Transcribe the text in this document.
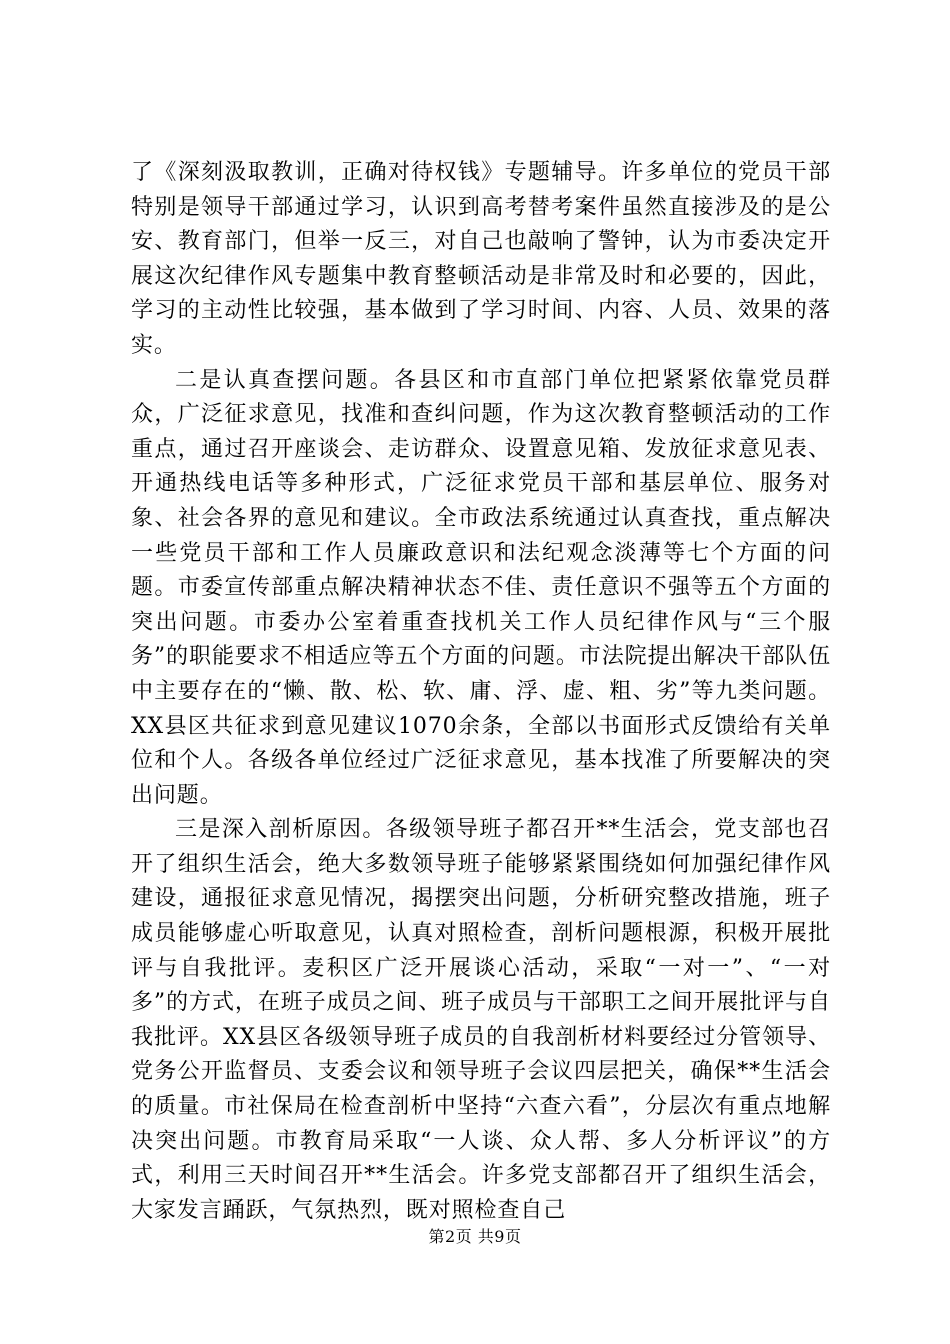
了《深刻汲取教训，正确对待权钱》专题辅导。许多单位的党员干部特别是领导干部通过学习，认识到高考替考案件虽然直接涉及的是公安、教育部门，但举一反三，对自己也敲响了警钟，认为市委决定开展这次纪律作风专题集中教育整顿活动是非常及时和必要的，因此，学习的主动性比较强，基本做到了学习时间、内容、人员、效果的落实。

二是认真查摆问题。各县区和市直部门单位把紧紧依靠党员群众，广泛征求意见，找准和查纠问题，作为这次教育整顿活动的工作重点，通过召开座谈会、走访群众、设置意见箱、发放征求意见表、开通热线电话等多种形式，广泛征求党员干部和基层单位、服务对象、社会各界的意见和建议。全市政法系统通过认真查找，重点解决一些党员干部和工作人员廉政意识和法纪观念淡薄等七个方面的问题。市委宣传部重点解决精神状态不佳、责任意识不强等五个方面的突出问题。市委办公室着重查找机关工作人员纪律作风与“三个服务”的职能要求不相适应等五个方面的问题。市法院提出解决干部队伍中主要存在的“懒、散、松、软、庸、浮、虚、粗、劣”等九类问题。XX县区共征求到意见建议1070余条，全部以书面形式反馈给有关单位和个人。各级各单位经过广泛征求意见，基本找准了所要解决的突出问题。

三是深入剖析原因。各级领导班子都召开**生活会，党支部也召开了组织生活会，绝大多数领导班子能够紧紧围绕如何加强纪律作风建设，通报征求意见情况，揭摆突出问题，分析研究整改措施，班子成员能够虚心听取意见，认真对照检查，剖析问题根源，积极开展批评与自我批评。麦积区广泛开展谈心活动，采取“一对一”、“一对多”的方式，在班子成员之间、班子成员与干部职工之间开展批评与自我批评。XX县区各级领导班子成员的自我剖析材料要经过分管领导、党务公开监督员、支委会议和领导班子会议四层把关，确保**生活会的质量。市社保局在检查剖析中坚持“六查六看”，分层次有重点地解决突出问题。市教育局采取“一人谈、众人帮、多人分析评议”的方式，利用三天时间召开**生活会。许多党支部都召开了组织生活会，大家发言踊跃，气氛热烈，既对照检查自己

第2页 共9页
